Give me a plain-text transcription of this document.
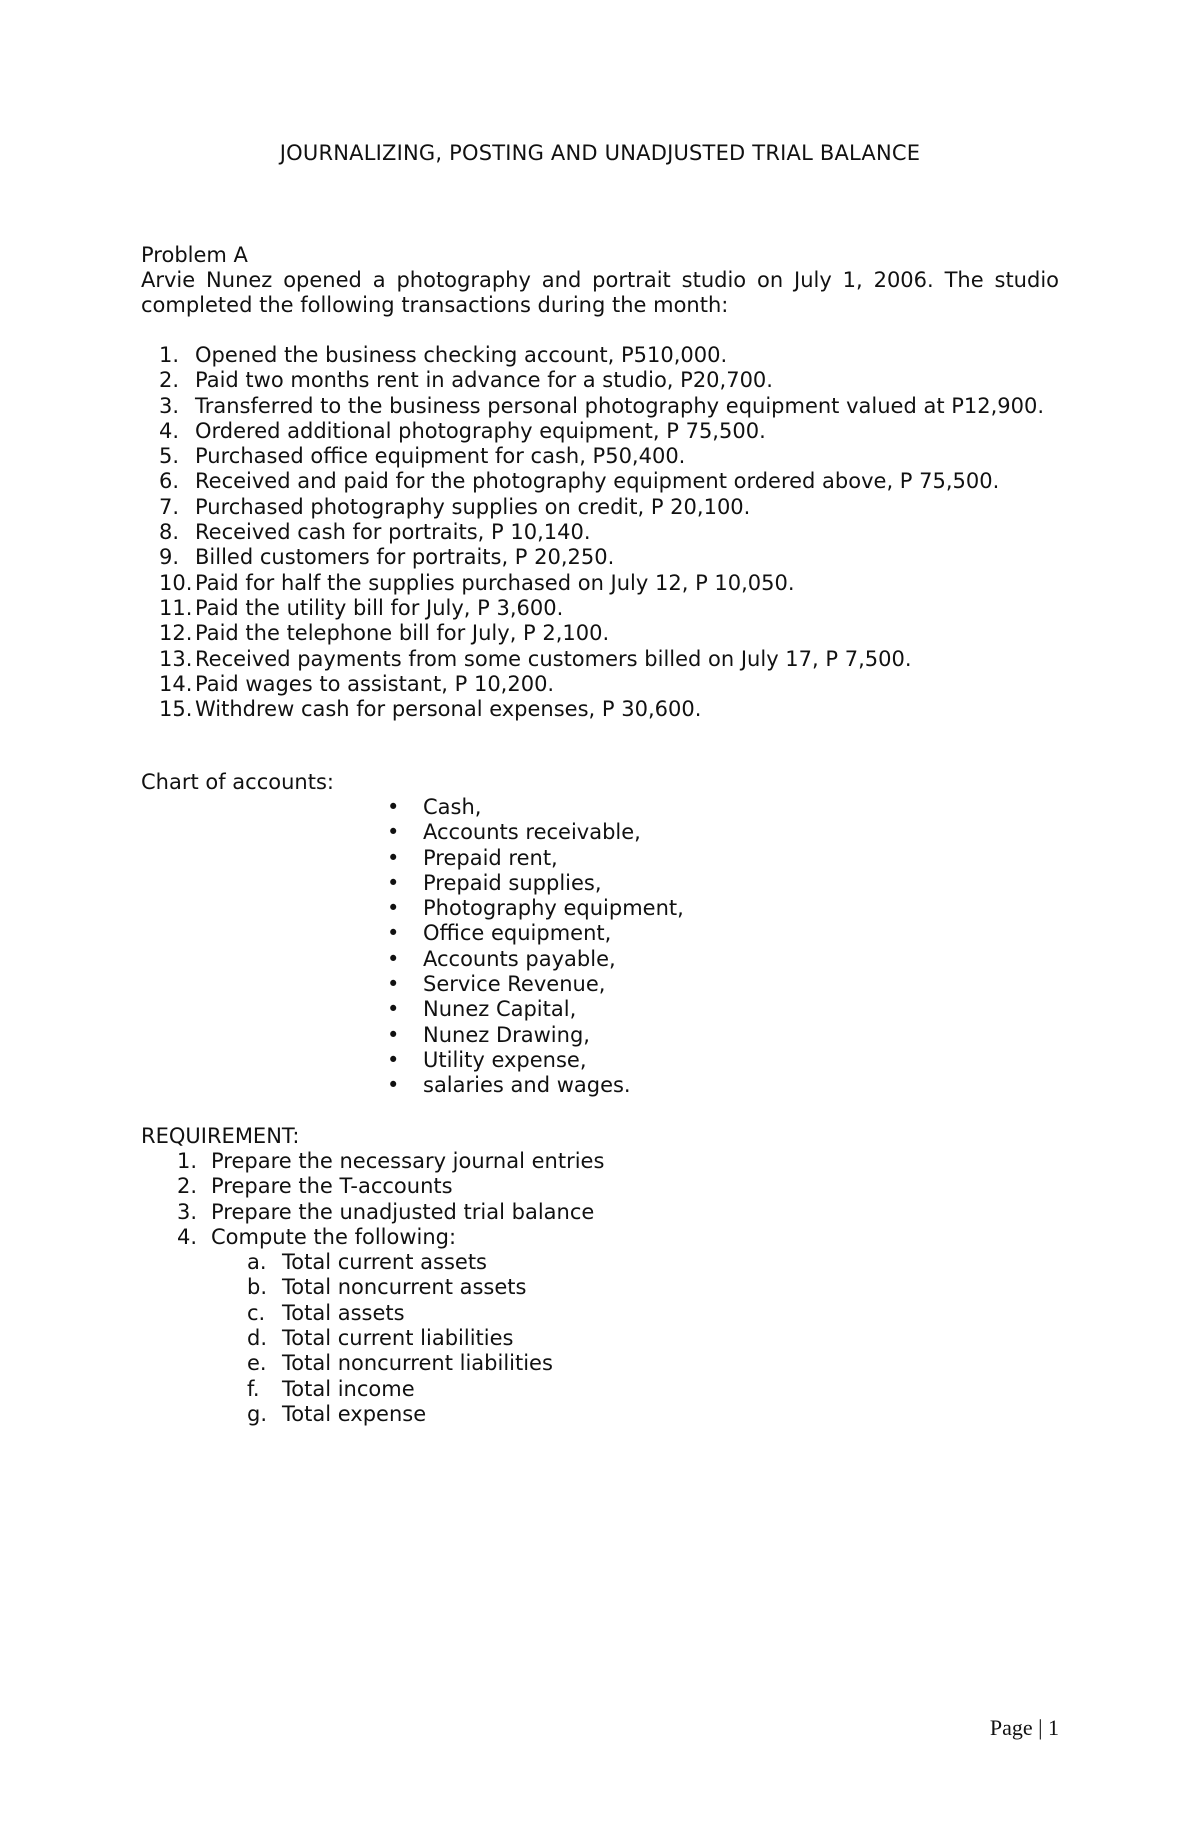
JOURNALIZING, POSTING AND UNADJUSTED TRIAL BALANCE
Problem A
Arvie Nunez opened a photography and portrait studio on July 1, 2006. The studio completed the following transactions during the month:
1. Opened the business checking account, P510,000.
2. Paid two months rent in advance for a studio, P20,700.
3. Transferred to the business personal photography equipment valued at P12,900.
4. Ordered additional photography equipment, P 75,500.
5. Purchased office equipment for cash, P50,400.
6. Received and paid for the photography equipment ordered above, P 75,500.
7. Purchased photography supplies on credit, P 20,100.
8. Received cash for portraits, P 10,140.
9. Billed customers for portraits, P 20,250.
10. Paid for half the supplies purchased on July 12, P 10,050.
11. Paid the utility bill for July, P 3,600.
12. Paid the telephone bill for July, P 2,100.
13. Received payments from some customers billed on July 17, P 7,500.
14. Paid wages to assistant, P 10,200.
15. Withdrew cash for personal expenses, P 30,600.
Chart of accounts:
• Cash,
• Accounts receivable,
• Prepaid rent,
• Prepaid supplies,
• Photography equipment,
• Office equipment,
• Accounts payable,
• Service Revenue,
• Nunez Capital,
• Nunez Drawing,
• Utility expense,
• salaries and wages.
REQUIREMENT:
1. Prepare the necessary journal entries
2. Prepare the T-accounts
3. Prepare the unadjusted trial balance
4. Compute the following:
a. Total current assets
b. Total noncurrent assets
c. Total assets
d. Total current liabilities
e. Total noncurrent liabilities
f. Total income
g. Total expense
Page | 1
